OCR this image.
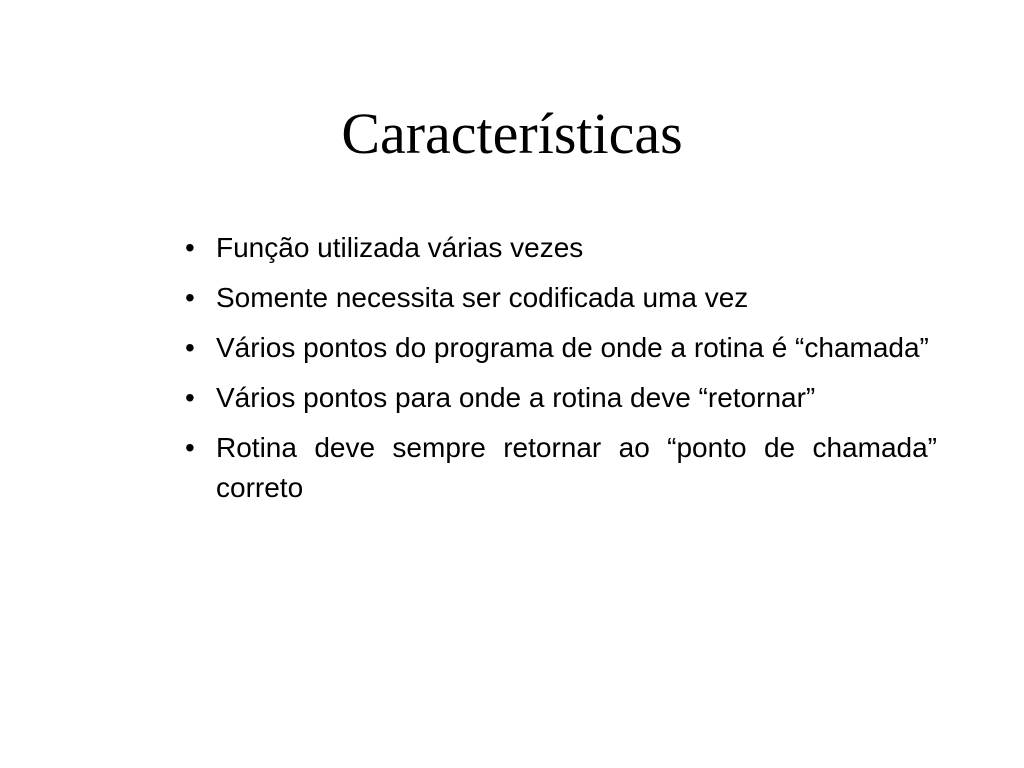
Características
• Função utilizada várias vezes
• Somente necessita ser codificada uma vez
• Vários pontos do programa de onde a rotina é “chamada”
• Vários pontos para onde a rotina deve “retornar”
• Rotina deve sempre retornar ao “ponto de chamada” correto
